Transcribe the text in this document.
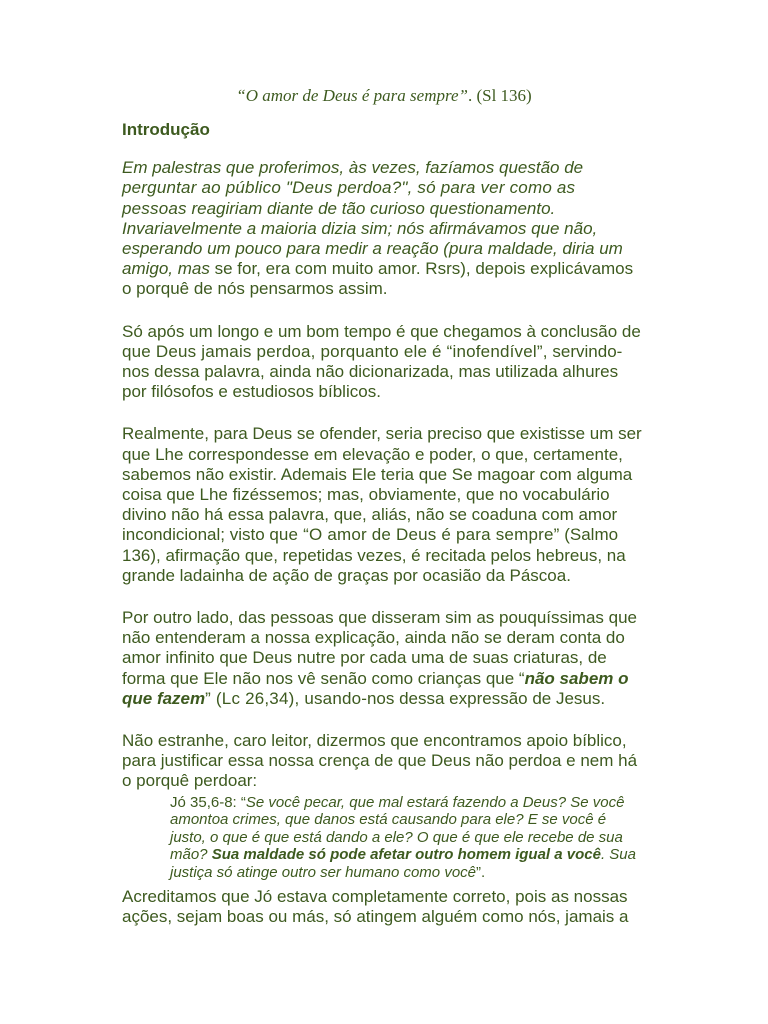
“O amor de Deus é para sempre”. (Sl 136)
Introdução

Em palestras que proferimos, às vezes, fazíamos questão de
perguntar ao público "Deus perdoa?", só para ver como as pessoas reagiriam diante de tão curioso questionamento. Invariavelmente a maioria dizia sim; nós afirmávamos que não, esperando um pouco para medir a reação (pura maldade, diria um amigo, mas se for, era com muito amor. Rsrs), depois explicávamos o porquê de nós pensarmos assim.

Só após um longo e um bom tempo é que chegamos à conclusão de que Deus jamais perdoa, porquanto ele é “inofendível”, servindo-nos dessa palavra, ainda não dicionarizada, mas utilizada alhures por filósofos e estudiosos bíblicos.

Realmente, para Deus se ofender, seria preciso que existisse um ser que Lhe correspondesse em elevação e poder, o que, certamente, sabemos não existir. Ademais Ele teria que Se magoar com alguma coisa que Lhe fizéssemos; mas, obviamente, que no vocabulário divino não há essa palavra, que, aliás, não se coaduna com amor incondicional; visto que “O amor de Deus é para sempre” (Salmo 136), afirmação que, repetidas vezes, é recitada pelos hebreus, na grande ladainha de ação de graças por ocasião da Páscoa.

Por outro lado, das pessoas que disseram sim as pouquíssimas que não entenderam a nossa explicação, ainda não se deram conta do amor infinito que Deus nutre por cada uma de suas criaturas, de forma que Ele não nos vê senão como crianças que “não sabem o que fazem” (Lc 26,34), usando-nos dessa expressão de Jesus.

Não estranhe, caro leitor, dizermos que encontramos apoio bíblico, para justificar essa nossa crença de que Deus não perdoa e nem há o porquê perdoar:

Jó 35,6-8: “Se você pecar, que mal estará fazendo a Deus? Se você amontoa crimes, que danos está causando para ele? E se você é justo, o que é que está dando a ele? O que é que ele recebe de sua mão? Sua maldade só pode afetar outro homem igual a você. Sua justiça só atinge outro ser humano como você”.

Acreditamos que Jó estava completamente correto, pois as nossas ações, sejam boas ou más, só atingem alguém como nós, jamais a
